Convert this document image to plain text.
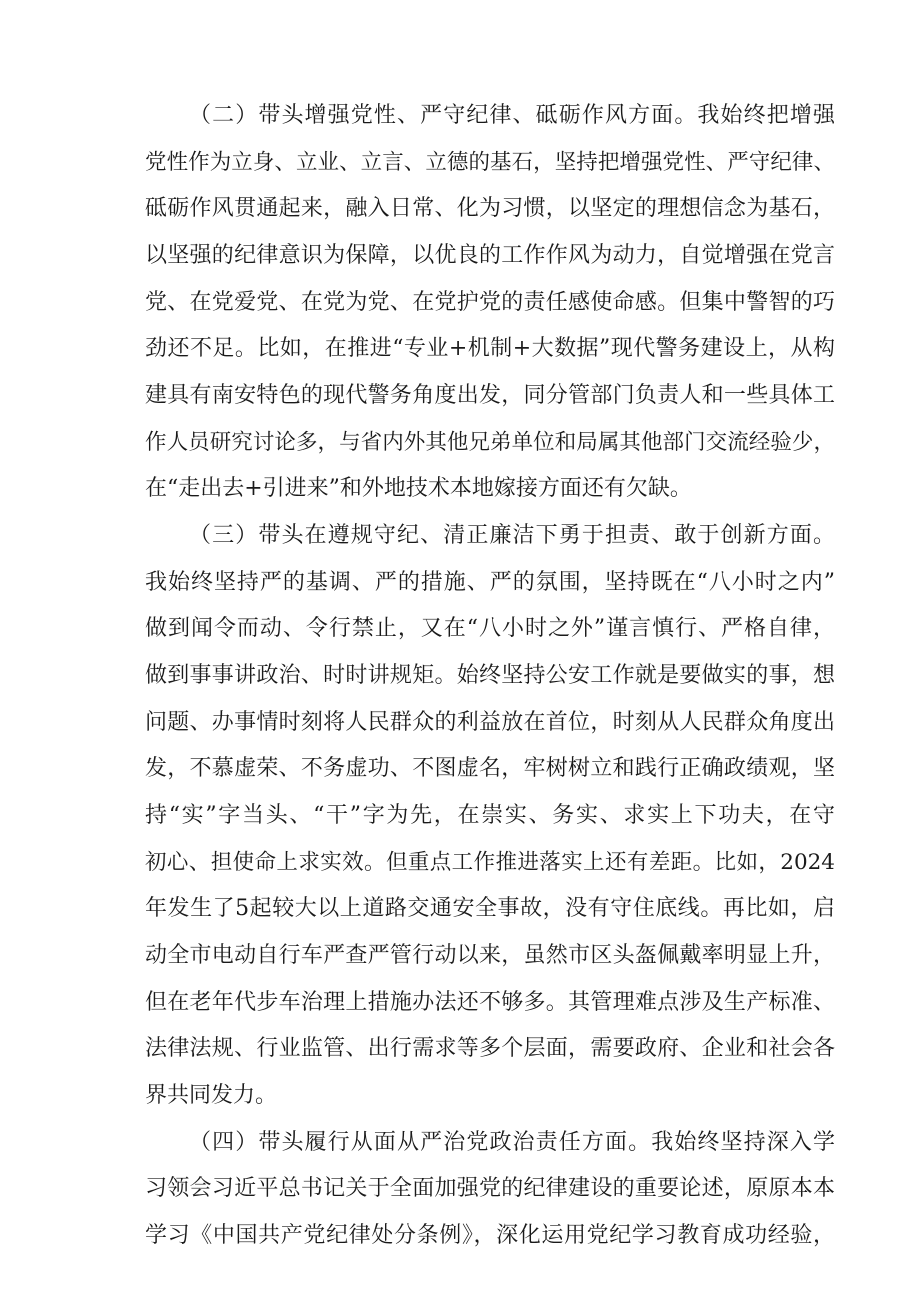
（二）带头增强党性、严守纪律、砥砺作风方面。我始终把增强
党性作为立身、立业、立言、立德的基石，坚持把增强党性、严守纪律、
砥砺作风贯通起来，融入日常、化为习惯，以坚定的理想信念为基石，
以坚强的纪律意识为保障，以优良的工作作风为动力，自觉增强在党言
党、在党爱党、在党为党、在党护党的责任感使命感。但集中警智的巧
劲还不足。比如，在推进“专业+机制+大数据”现代警务建设上，从构
建具有南安特色的现代警务角度出发，同分管部门负责人和一些具体工
作人员研究讨论多，与省内外其他兄弟单位和局属其他部门交流经验少，
在“走出去+引进来”和外地技术本地嫁接方面还有欠缺。
（三）带头在遵规守纪、清正廉洁下勇于担责、敢于创新方面。
我始终坚持严的基调、严的措施、严的氛围，坚持既在“八小时之内”
做到闻令而动、令行禁止，又在“八小时之外”谨言慎行、严格自律，
做到事事讲政治、时时讲规矩。始终坚持公安工作就是要做实的事，想
问题、办事情时刻将人民群众的利益放在首位，时刻从人民群众角度出
发，不慕虚荣、不务虚功、不图虚名，牢树树立和践行正确政绩观，坚
持“实”字当头、“干”字为先，在崇实、务实、求实上下功夫，在守
初心、担使命上求实效。但重点工作推进落实上还有差距。比如，2024
年发生了5起较大以上道路交通安全事故，没有守住底线。再比如，启
动全市电动自行车严查严管行动以来，虽然市区头盔佩戴率明显上升，
但在老年代步车治理上措施办法还不够多。其管理难点涉及生产标准、
法律法规、行业监管、出行需求等多个层面，需要政府、企业和社会各
界共同发力。
（四）带头履行从面从严治党政治责任方面。我始终坚持深入学
习领会习近平总书记关于全面加强党的纪律建设的重要论述，原原本本
学习《中国共产党纪律处分条例》，深化运用党纪学习教育成功经验，
